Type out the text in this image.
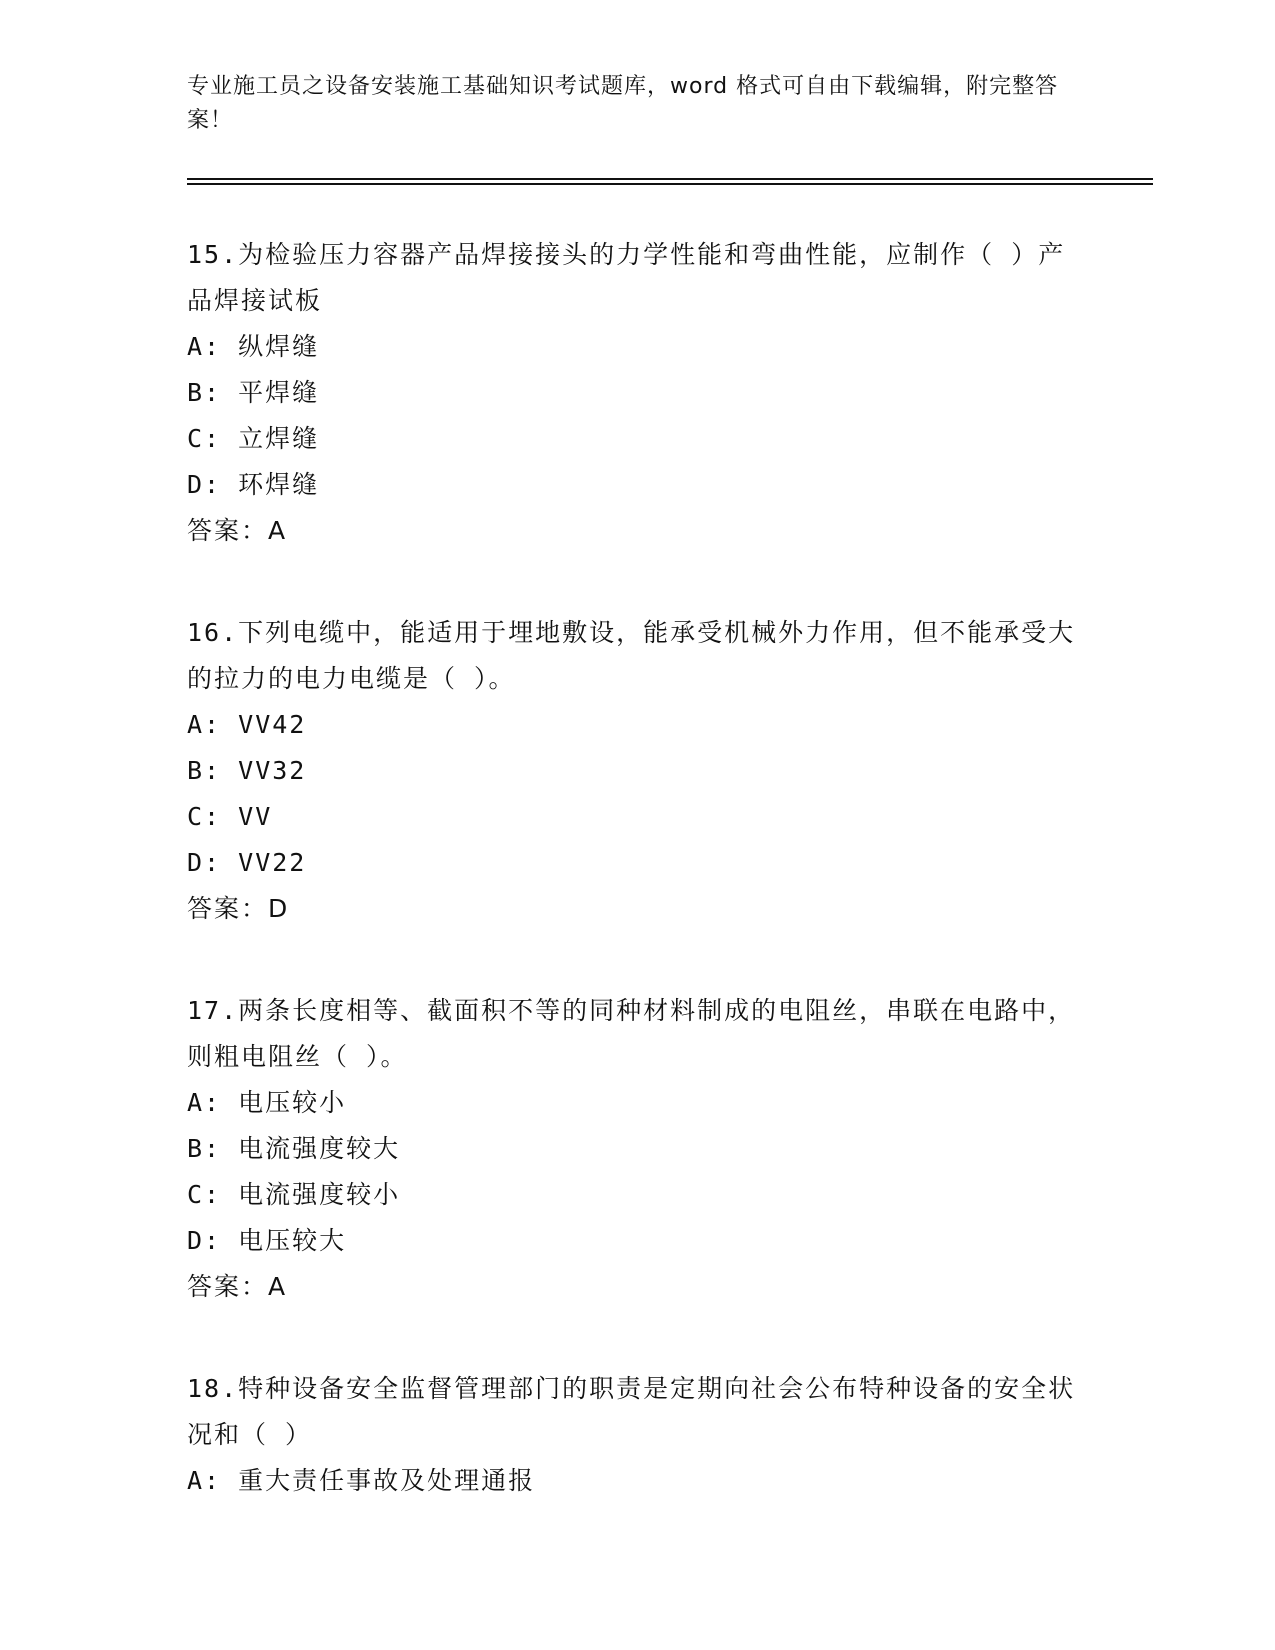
专业施工员之设备安装施工基础知识考试题库，word 格式可自由下载编辑，附完整答案！

15.为检验压力容器产品焊接接头的力学性能和弯曲性能，应制作（ ）产品焊接试板

A: 纵焊缝

B: 平焊缝

C: 立焊缝

D: 环焊缝

答案：A

16.下列电缆中，能适用于埋地敷设，能承受机械外力作用，但不能承受大的拉力的电力电缆是（ ）。

A: VV42

B: VV32

C: VV

D: VV22

答案：D

17.两条长度相等、截面积不等的同种材料制成的电阻丝，串联在电路中，则粗电阻丝（ ）。

A: 电压较小

B: 电流强度较大

C: 电流强度较小

D: 电压较大

答案：A

18.特种设备安全监督管理部门的职责是定期向社会公布特种设备的安全状况和（ ）

A: 重大责任事故及处理通报
